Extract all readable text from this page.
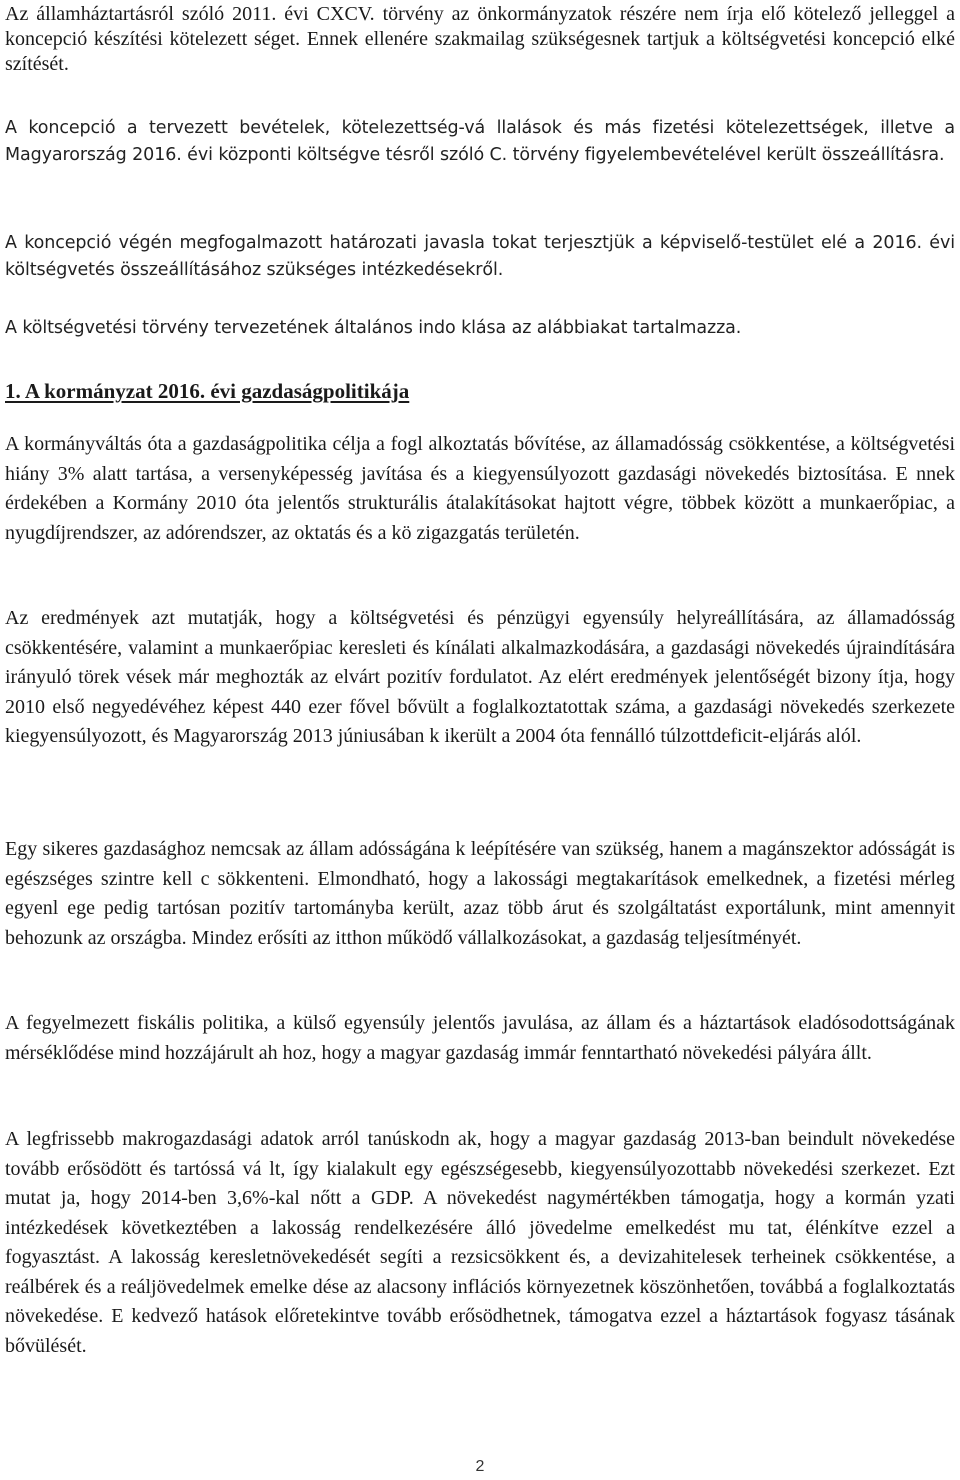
Az államháztartásról szóló 2011. évi CXCV. törvény az önkormányzatok részére nem írja elő kötelező jelleggel a koncepció készítési kötelezett séget. Ennek ellenére szakmailag szükségesnek tartjuk a költségvetési koncepció elké szítését.

A koncepció a tervezett bevételek, kötelezettség-vá llalások és más fizetési kötelezettségek, illetve a Magyarország 2016. évi központi költségve tésről szóló C. törvény figyelembevételével került összeállításra.

A koncepció végén megfogalmazott határozati javasla tokat terjesztjük a képviselő-testület elé a 2016. évi költségvetés összeállításához szükséges intézkedésekről.

A költségvetési törvény tervezetének általános indo klása az alábbiakat tartalmazza.

1. A kormányzat 2016. évi gazdaságpolitikája

A kormányváltás óta a gazdaságpolitika célja a fogl alkoztatás bővítése, az államadósság csökkentése, a költségvetési hiány 3% alatt tartása, a versenyképesség javítása és a kiegyensúlyozott gazdasági növekedés biztosítása. E nnek érdekében a Kormány 2010 óta jelentős strukturális átalakításokat hajtott végre, többek között a munkaerőpiac, a nyugdíjrendszer, az adórendszer, az oktatás és a kö zigazgatás területén.

Az eredmények azt mutatják, hogy a költségvetési és pénzügyi egyensúly helyreállítására, az államadósság csökkentésére, valamint a munkaerőpiac keresleti és kínálati alkalmazkodására, a gazdasági növekedés újraindítására irányuló törek vések már meghozták az elvárt pozitív fordulatot. Az elért eredmények jelentőségét bizony ítja, hogy 2010 első negyedévéhez képest 440 ezer fővel bővült a foglalkoztatottak száma, a gazdasági növekedés szerkezete kiegyensúlyozott, és Magyarország 2013 júniusában k ikerült a 2004 óta fennálló túlzottdeficit-eljárás alól.

Egy sikeres gazdasághoz nemcsak az állam adósságána k leépítésére van szükség, hanem a magánszektor adósságát is egészséges szintre kell c sökkenteni. Elmondható, hogy a lakossági megtakarítások emelkednek, a fizetési mérleg egyenl ege pedig tartósan pozitív tartományba került, azaz több árut és szolgáltatást exportálunk, mint amennyit behozunk az országba. Mindez erősíti az itthon működő vállalkozásokat, a gazdaság teljesítményét.

A fegyelmezett fiskális politika, a külső egyensúly jelentős javulása, az állam és a háztartások eladósodottságának mérséklődése mind hozzájárult ah hoz, hogy a magyar gazdaság immár fenntartható növekedési pályára állt.

A legfrissebb makrogazdasági adatok arról tanúskodn ak, hogy a magyar gazdaság 2013-ban beindult növekedése tovább erősödött és tartóssá vá lt, így kialakult egy egészségesebb, kiegyensúlyozottabb növekedési szerkezet. Ezt mutat ja, hogy 2014-ben 3,6%-kal nőtt a GDP. A növekedést nagymértékben támogatja, hogy a kormán yzati intézkedések következtében a lakosság rendelkezésére álló jövedelme emelkedést mu tat, élénkítve ezzel a fogyasztást. A lakosság keresletnövekedését segíti a rezsicsökkent és, a devizahitelesek terheinek csökkentése, a reálbérek és a reáljövedelmek emelke dése az alacsony inflációs környezetnek köszönhetően, továbbá a foglalkoztatás növekedése. E kedvező hatások előretekintve tovább erősödhetnek, támogatva ezzel a háztartások fogyasz tásának bővülését.

2
